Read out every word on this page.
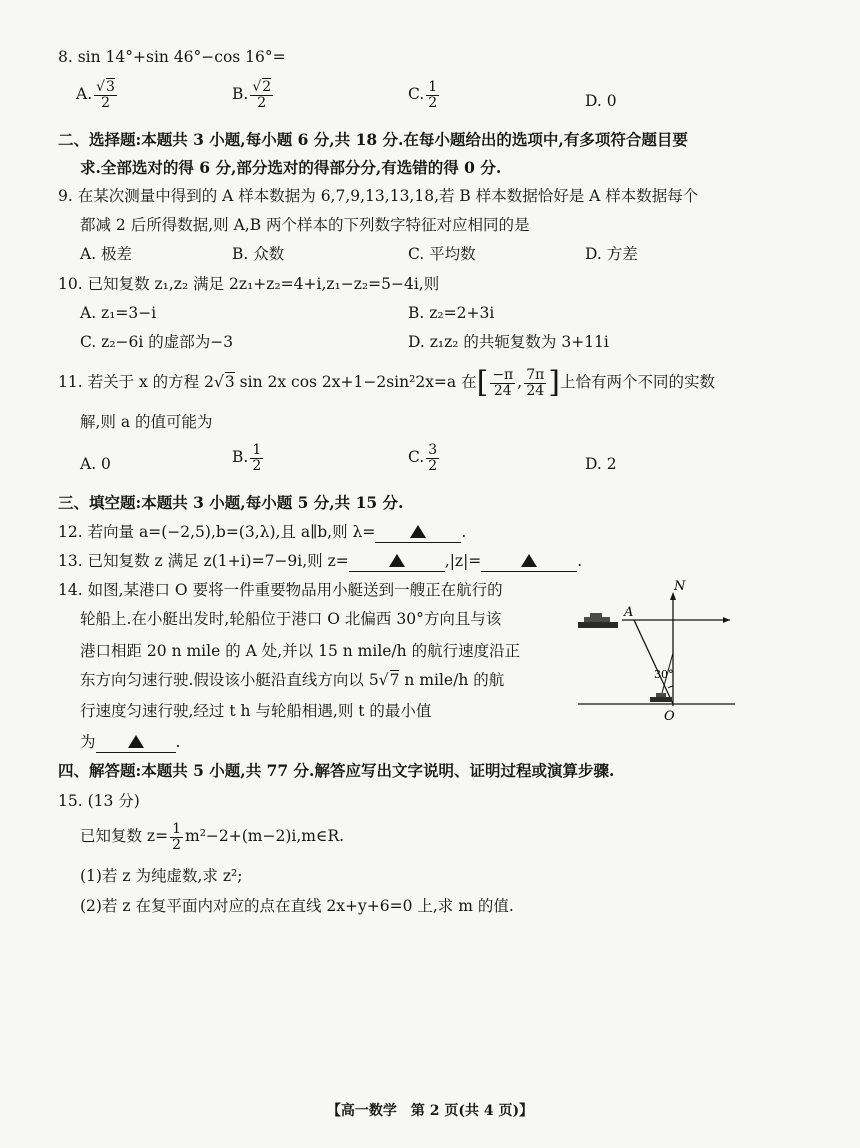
8. sin 14°+sin 46°−cos 16°=
A. $\frac{√3}{2}$	B. $\frac{√2}{2}$	C. $\frac{1}{2}$	D. 0
二、选择题:本题共 3 小题,每小题 6 分,共 18 分.在每小题给出的选项中,有多项符合题目要
求.全部选对的得 6 分,部分选对的得部分分,有选错的得 0 分.
9. 在某次测量中得到的 A 样本数据为 6,7,9,13,13,18,若 B 样本数据恰好是 A 样本数据每个
都减 2 后所得数据,则 A,B 两个样本的下列数字特征对应相同的是
A. 极差	B. 众数	C. 平均数	D. 方差
10. 已知复数 z₁,z₂ 满足 2z₁+z₂=4+i,z₁−z₂=5−4i,则
A. z₁=3−i	B. z₂=2+3i
C. z₂−6i 的虚部为−3	D. z₁z₂ 的共轭复数为 3+11i
11. 若关于 x 的方程 2√3 sin 2x cos 2x+1−2sin²2x=a 在[ $\frac{-\pi}{24}$ , $\frac{7\pi}{24}$ ]上恰有两个不同的实数
解,则 a 的值可能为
A. 0	B. $\frac{1}{2}$	C. $\frac{3}{2}$	D. 2
三、填空题:本题共 3 小题,每小题 5 分,共 15 分.
12. 若向量 a=(−2,5),b=(3,λ),且 a∥b,则 λ=	.
13. 已知复数 z 满足 z(1+i)=7−9i,则 z=	,|z|=	.
14. 如图,某港口 O 要将一件重要物品用小艇送到一艘正在航行的
轮船上.在小艇出发时,轮船位于港口 O 北偏西 30°方向且与该
港口相距 20 n mile 的 A 处,并以 15 n mile/h 的航行速度沿正
东方向匀速行驶.假设该小艇沿直线方向以 5√7 n mile/h 的航
行速度匀速行驶,经过 t h 与轮船相遇,则 t 的最小值
为	.
N
A
O
30°
四、解答题:本题共 5 小题,共 77 分.解答应写出文字说明、证明过程或演算步骤.
15. (13 分)
已知复数 $z= \frac{1}{2}$ m²−2+(m−2)i,m∈R.
(1)若 z 为纯虚数,求 z²;
(2)若 z 在复平面内对应的点在直线 2x+y+6=0 上,求 m 的值.
【高一数学　第 2 页(共 4 页)】
